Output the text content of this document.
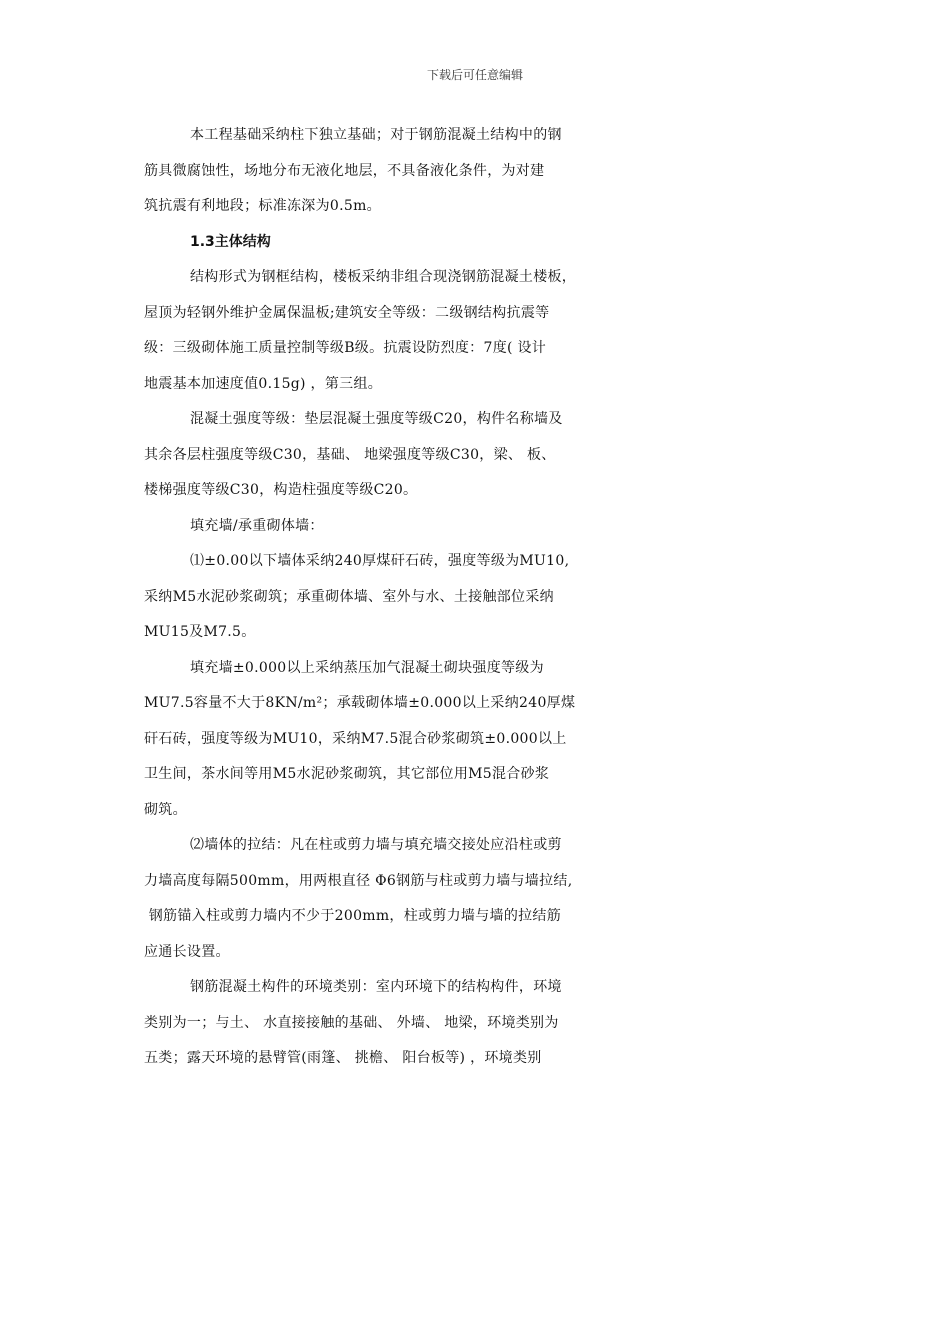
下载后可任意编辑
本工程基础采纳柱下独立基础；对于钢筋混凝土结构中的钢
筋具微腐蚀性，场地分布无液化地层，不具备液化条件，为对建
筑抗震有利地段；标准冻深为0.5m。
1.3主体结构
结构形式为钢框结构，楼板采纳非组合现浇钢筋混凝土楼板，
屋顶为轻钢外维护金属保温板;建筑安全等级：二级钢结构抗震等
级：三级砌体施工质量控制等级B级。抗震设防烈度：7度( 设计
地震基本加速度值0.15g) ，第三组。
混凝土强度等级：垫层混凝土强度等级C20，构件名称墙及
其余各层柱强度等级C30，基础、 地梁强度等级C30，梁、 板、
楼梯强度等级C30，构造柱强度等级C20。
填充墙/承重砌体墙：
⑴±0.00以下墙体采纳240厚煤矸石砖，强度等级为MU10,
采纳M5水泥砂浆砌筑；承重砌体墙、室外与水、土接触部位采纳
MU15及M7.5。
填充墙±0.000以上采纳蒸压加气混凝土砌块强度等级为
MU7.5容量不大于8KN/m²；承载砌体墙±0.000以上采纳240厚煤
矸石砖，强度等级为MU10，采纳M7.5混合砂浆砌筑±0.000以上
卫生间，茶水间等用M5水泥砂浆砌筑，其它部位用M5混合砂浆
砌筑。
⑵墙体的拉结：凡在柱或剪力墙与填充墙交接处应沿柱或剪
力墙高度每隔500mm，用两根直径 Φ6钢筋与柱或剪力墙与墙拉结,
钢筋锚入柱或剪力墙内不少于200mm，柱或剪力墙与墙的拉结筋
应通长设置。
钢筋混凝土构件的环境类别：室内环境下的结构构件，环境
类别为一；与土、 水直接接触的基础、 外墙、 地梁，环境类别为
五类；露天环境的悬臂管(雨篷、 挑檐、 阳台板等) ，环境类别
